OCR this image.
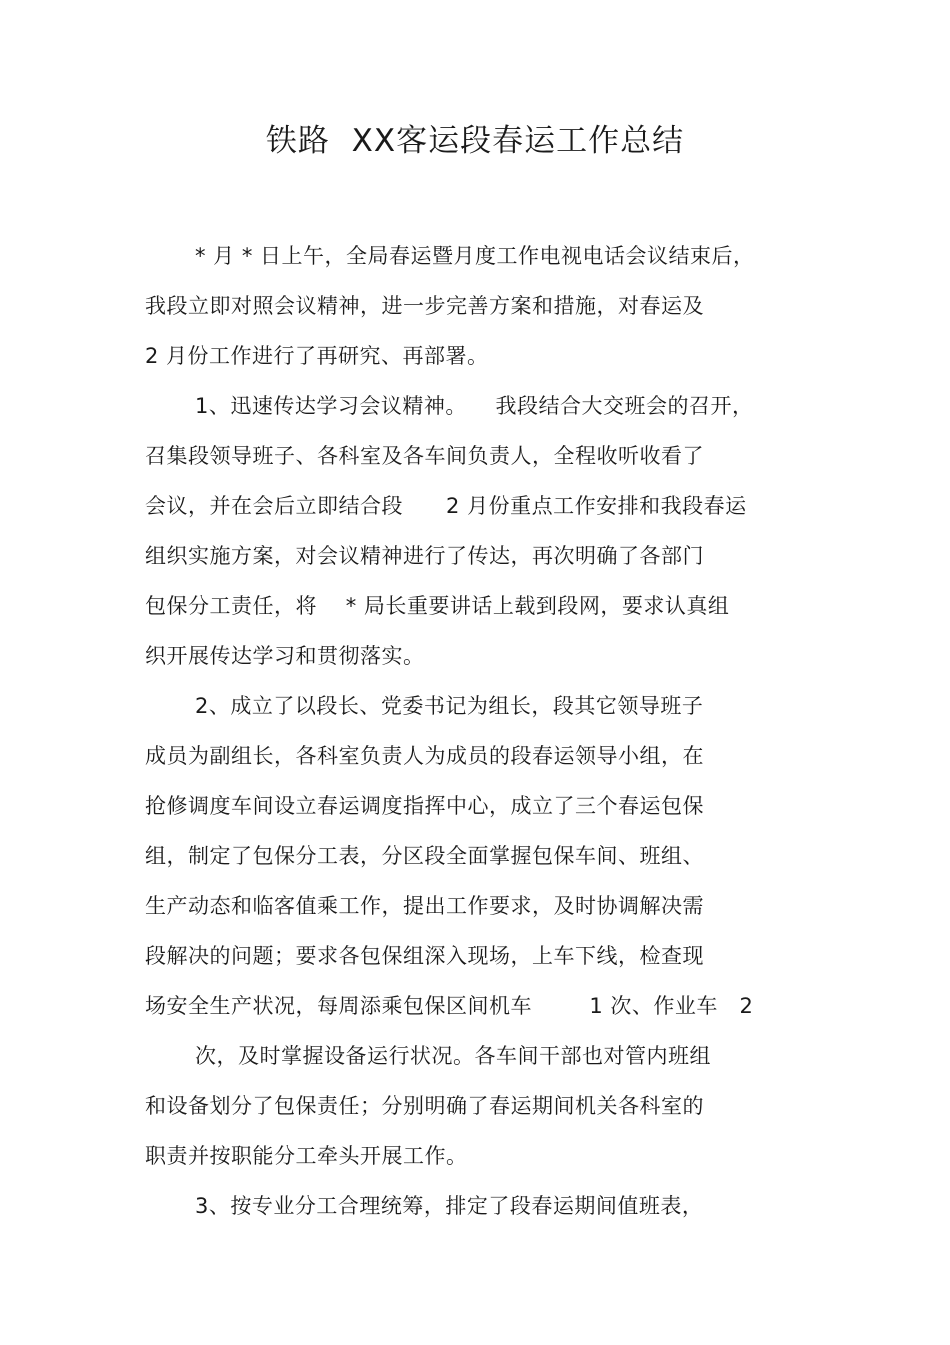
铁路  XX客运段春运工作总结
* 月 * 日上午，全局春运暨月度工作电视电话会议结束后，
我段立即对照会议精神，进一步完善方案和措施，对春运及
2 月份工作进行了再研究、再部署。
1、迅速传达学习会议精神。    我段结合大交班会的召开，
召集段领导班子、各科室及各车间负责人，全程收听收看了
会议，并在会后立即结合段      2 月份重点工作安排和我段春运
组织实施方案，对会议精神进行了传达，再次明确了各部门
包保分工责任，将    * 局长重要讲话上载到段网，要求认真组
织开展传达学习和贯彻落实。
2、成立了以段长、党委书记为组长，段其它领导班子
成员为副组长，各科室负责人为成员的段春运领导小组，在
抢修调度车间设立春运调度指挥中心，成立了三个春运包保
组，制定了包保分工表，分区段全面掌握包保车间、班组、
生产动态和临客值乘工作，提出工作要求，及时协调解决需
段解决的问题；要求各包保组深入现场，上车下线，检查现
场安全生产状况，每周添乘包保区间机车        1 次、作业车   2
次，及时掌握设备运行状况。各车间干部也对管内班组
和设备划分了包保责任；分别明确了春运期间机关各科室的
职责并按职能分工牵头开展工作。
3、按专业分工合理统筹，排定了段春运期间值班表，
